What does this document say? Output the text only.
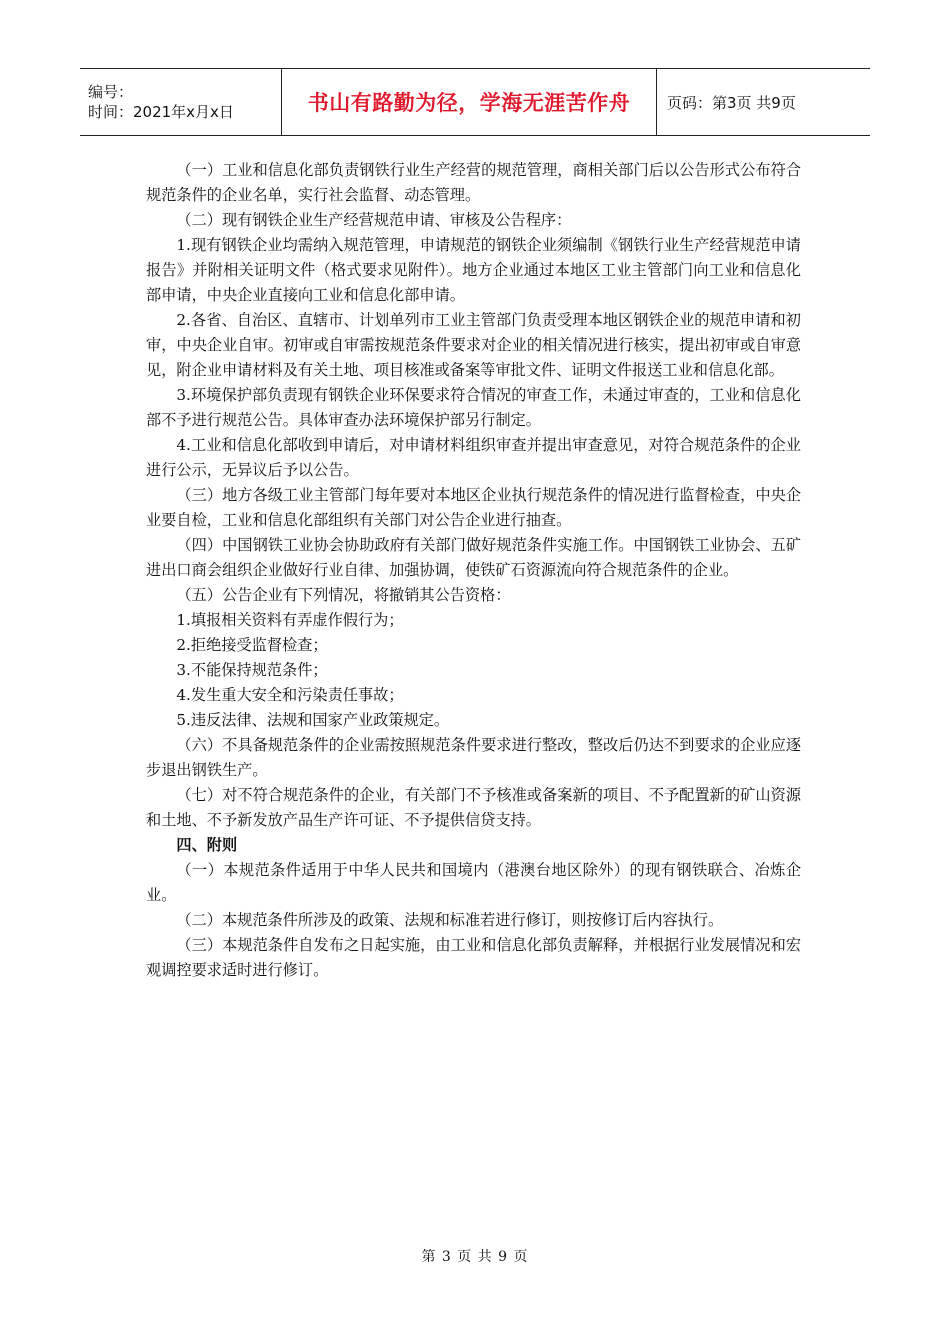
编号：
时间：2021年x月x日	书山有路勤为径，学海无涯苦作舟 页码：第3页 共9页

（一）工业和信息化部负责钢铁行业生产经营的规范管理，商相关部门后以公告形式公布符合规范条件的企业名单，实行社会监督、动态管理。

（二）现有钢铁企业生产经营规范申请、审核及公告程序：

1.现有钢铁企业均需纳入规范管理，申请规范的钢铁企业须编制《钢铁行业生产经营规范申请报告》并附相关证明文件（格式要求见附件）。地方企业通过本地区工业主管部门向工业和信息化部申请，中央企业直接向工业和信息化部申请。

2.各省、自治区、直辖市、计划单列市工业主管部门负责受理本地区钢铁企业的规范申请和初审，中央企业自审。初审或自审需按规范条件要求对企业的相关情况进行核实，提出初审或自审意见，附企业申请材料及有关土地、项目核准或备案等审批文件、证明文件报送工业和信息化部。

3.环境保护部负责现有钢铁企业环保要求符合情况的审查工作，未通过审查的，工业和信息化部不予进行规范公告。具体审查办法环境保护部另行制定。

4.工业和信息化部收到申请后，对申请材料组织审查并提出审查意见，对符合规范条件的企业进行公示，无异议后予以公告。

（三）地方各级工业主管部门每年要对本地区企业执行规范条件的情况进行监督检查，中央企业要自检，工业和信息化部组织有关部门对公告企业进行抽查。

（四）中国钢铁工业协会协助政府有关部门做好规范条件实施工作。中国钢铁工业协会、五矿进出口商会组织企业做好行业自律、加强协调，使铁矿石资源流向符合规范条件的企业。

（五）公告企业有下列情况，将撤销其公告资格：

1.填报相关资料有弄虚作假行为；

2.拒绝接受监督检查；

3.不能保持规范条件；

4.发生重大安全和污染责任事故；

5.违反法律、法规和国家产业政策规定。

（六）不具备规范条件的企业需按照规范条件要求进行整改，整改后仍达不到要求的企业应逐步退出钢铁生产。

（七）对不符合规范条件的企业，有关部门不予核准或备案新的项目、不予配置新的矿山资源和土地、不予新发放产品生产许可证、不予提供信贷支持。

四、附则

（一）本规范条件适用于中华人民共和国境内（港澳台地区除外）的现有钢铁联合、冶炼企业。

（二）本规范条件所涉及的政策、法规和标准若进行修订，则按修订后内容执行。

（三）本规范条件自发布之日起实施，由工业和信息化部负责解释，并根据行业发展情况和宏观调控要求适时进行修订。

第 3 页 共 9 页
